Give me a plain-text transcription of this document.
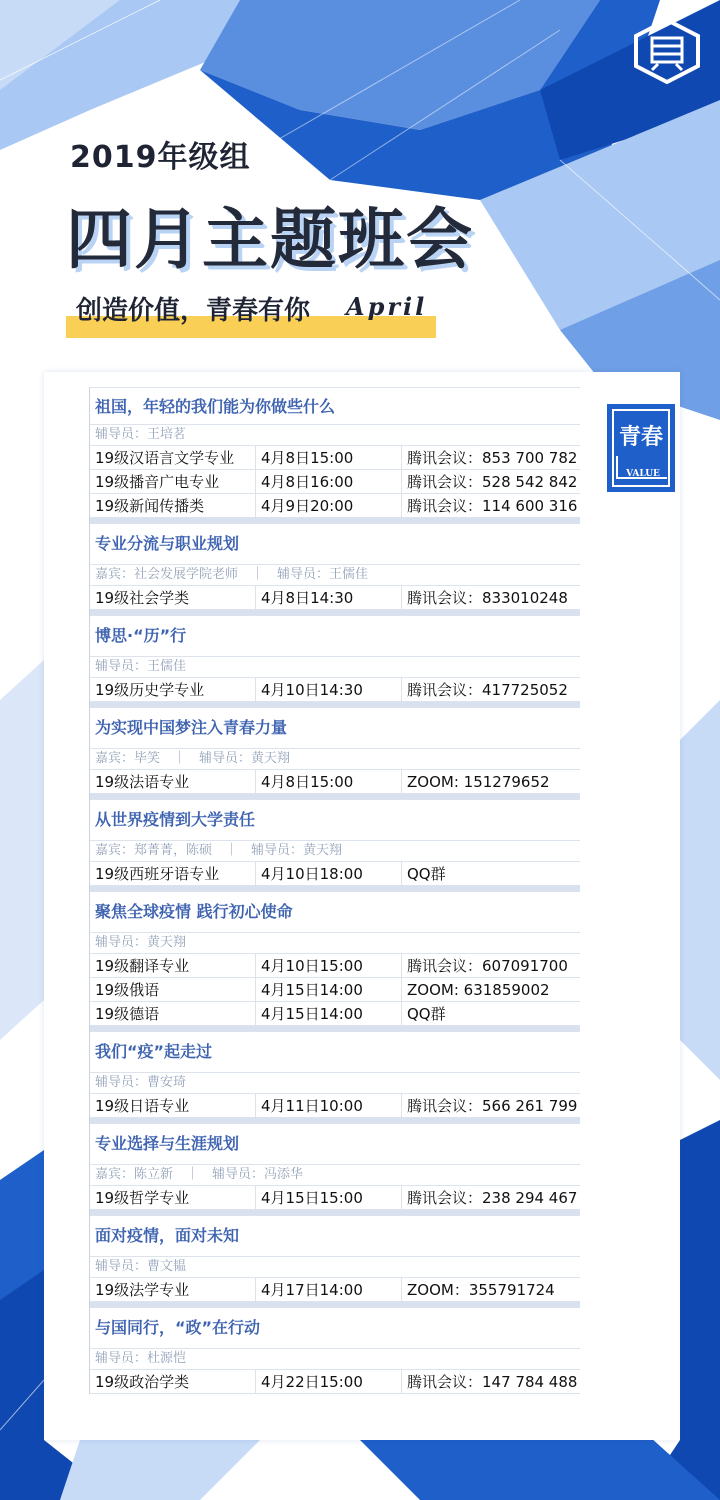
2019年级组
四月主题班会
创造价值，青春有你 April
青春
VALUE
祖国，年轻的我们能为你做些什么
辅导员：王培茗
19级汉语言文学专业	4月8日15:00	腾讯会议：853 700 782
19级播音广电专业	4月8日16:00	腾讯会议：528 542 842
19级新闻传播类	4月9日20:00	腾讯会议：114 600 316
专业分流与职业规划
嘉宾：社会发展学院老师　｜　辅导员：王儒佳
19级社会学类	4月8日14:30	腾讯会议：833010248
博思·“历”行
辅导员：王儒佳
19级历史学专业	4月10日14:30	腾讯会议：417725052
为实现中国梦注入青春力量
嘉宾：毕笑　｜　辅导员：黄天翔
19级法语专业	4月8日15:00	ZOOM: 151279652
从世界疫情到大学责任
嘉宾：郑菁菁，陈硕　｜　辅导员：黄天翔
19级西班牙语专业	4月10日18:00	QQ群
聚焦全球疫情 践行初心使命
辅导员：黄天翔
19级翻译专业	4月10日15:00	腾讯会议：607091700
19级俄语	4月15日14:00	ZOOM: 631859002
19级德语	4月15日14:00	QQ群
我们“疫”起走过
辅导员：曹安琦
19级日语专业	4月11日10:00	腾讯会议：566 261 799
专业选择与生涯规划
嘉宾：陈立新　｜　辅导员：冯添华
19级哲学专业	4月15日15:00	腾讯会议：238 294 467
面对疫情，面对未知
辅导员：曹文韫
19级法学专业	4月17日14:00	ZOOM：355791724
与国同行，“政”在行动
辅导员：杜源恺
19级政治学类	4月22日15:00	腾讯会议：147 784 488
